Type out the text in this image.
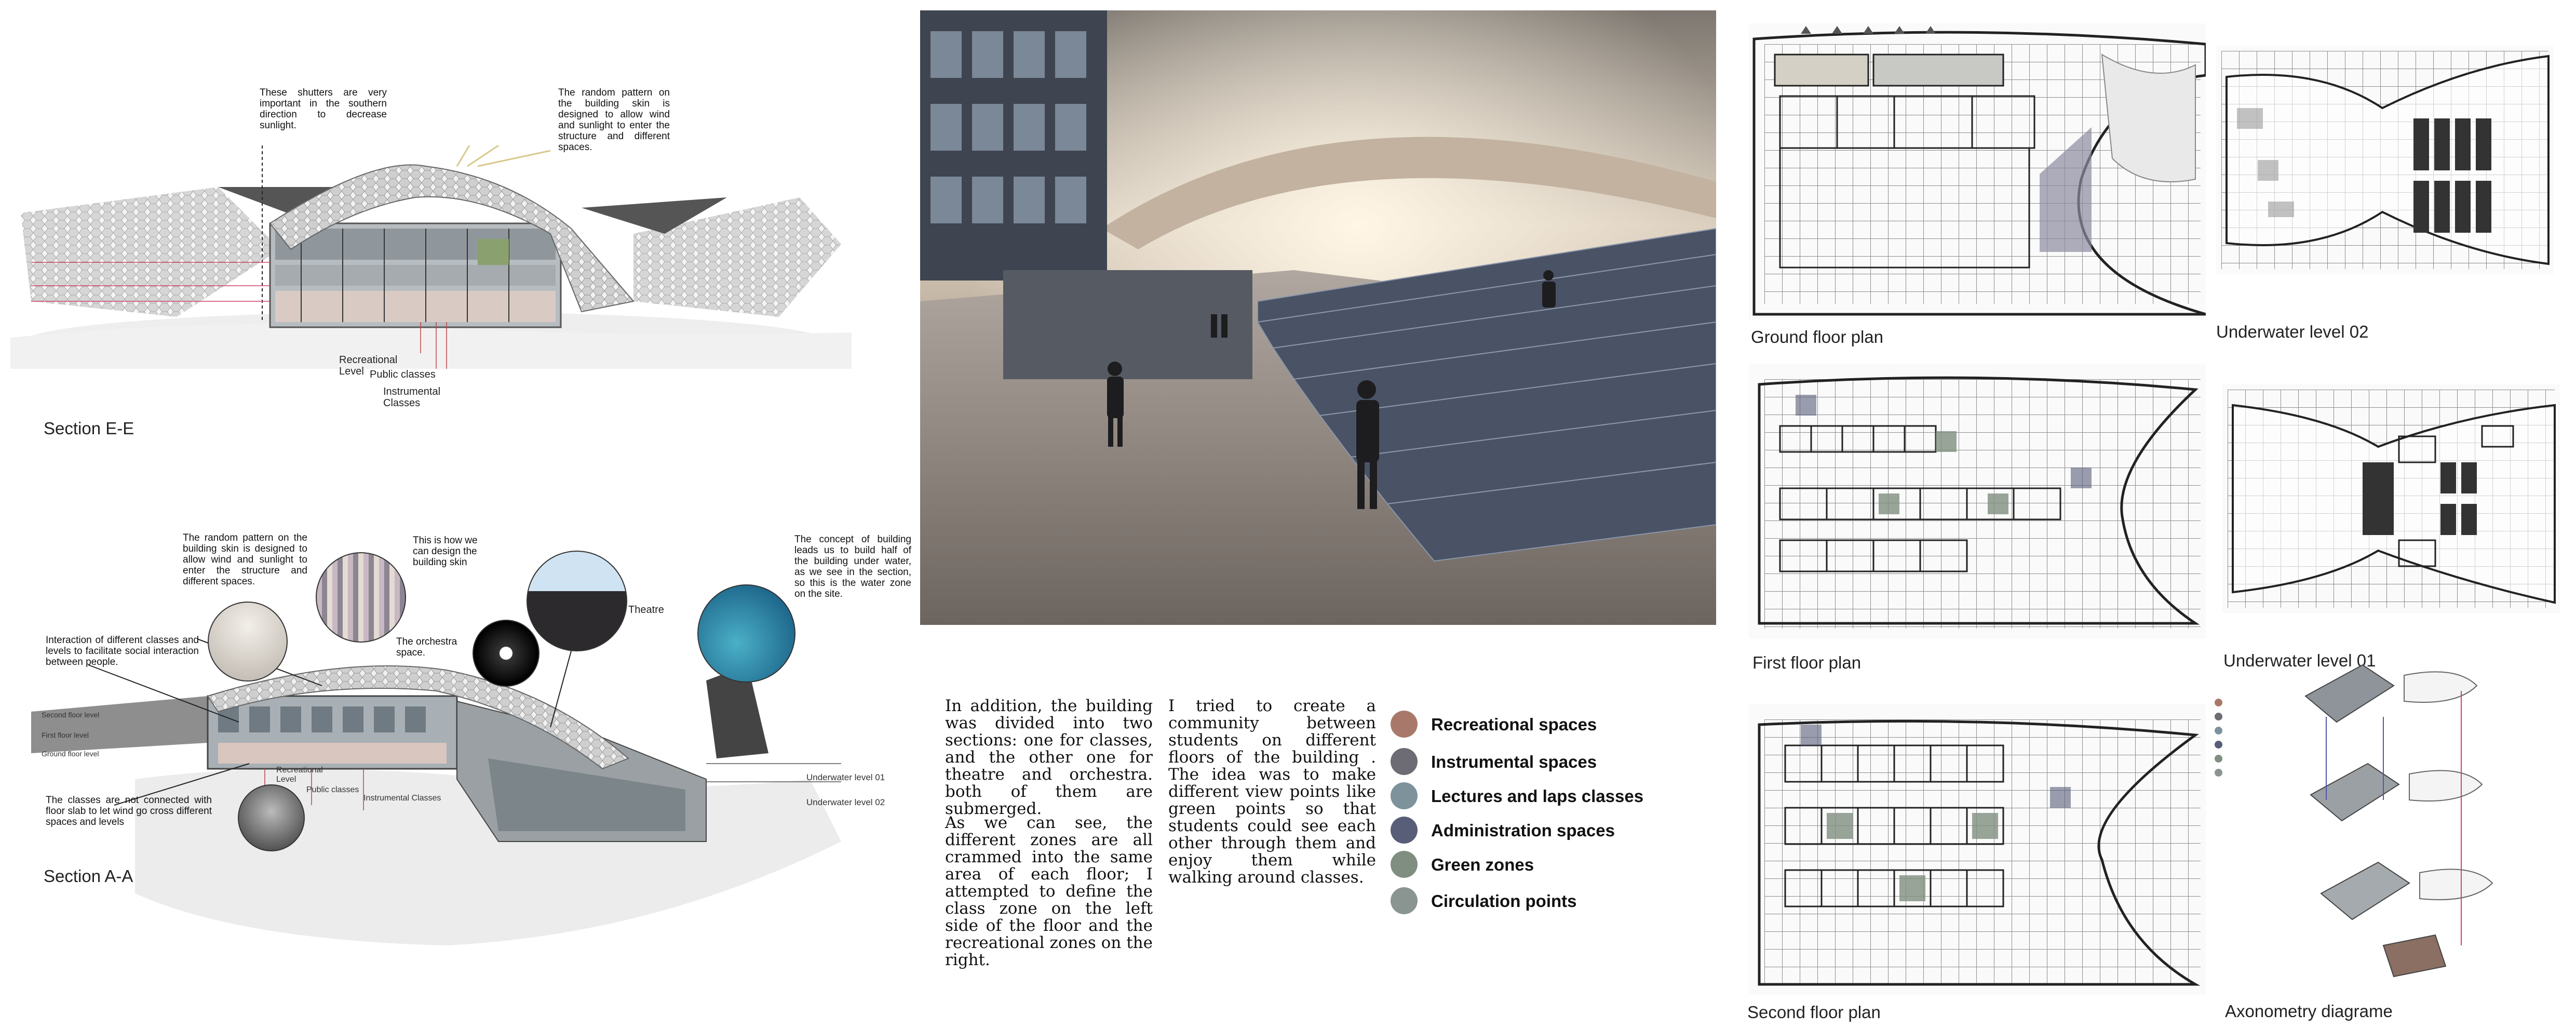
These shutters are very important in the southern direction to decrease sunlight.
The random pattern on the building skin is designed to allow wind and sunlight to enter the structure and different spaces.
Recreational Level Public classes
Instrumental Classes
Section E-E
The random pattern on the building skin is designed to allow wind and sunlight to enter the structure and different spaces.
This is how we can design the building skin
The orchestra space.
Theatre
The concept of building leads us to build half of the building under water, as we see in the section, so this is the water zone on the site.
Interaction of different classes and levels to facilitate social interaction between people.
The classes are not connected with floor slab to let wind go cross different spaces and levels
Second floor level
First floor level
Ground floor level
Underwater level 01
Underwater level 02
Recreational Level
Public classes
Instrumental Classes
Section A-A
In addition, the building was divided into two sections: one for classes, and the other one for theatre and orchestra. both of them are submerged.
As we can see, the different zones are all crammed into the same area of each floor; I attempted to define the class zone on the left side of the floor and the recreational zones on the right.
I tried to create a community between students on different floors of the building . The idea was to make different view points like green points so that students could see each other through them and enjoy them while walking around classes.
Recreational spaces
Instrumental spaces
Lectures and laps classes
Administration spaces
Green zones
Circulation points
Ground floor plan	Underwater level 02
First floor plan	Underwater level 01
Second floor plan	Axonometry diagrame
